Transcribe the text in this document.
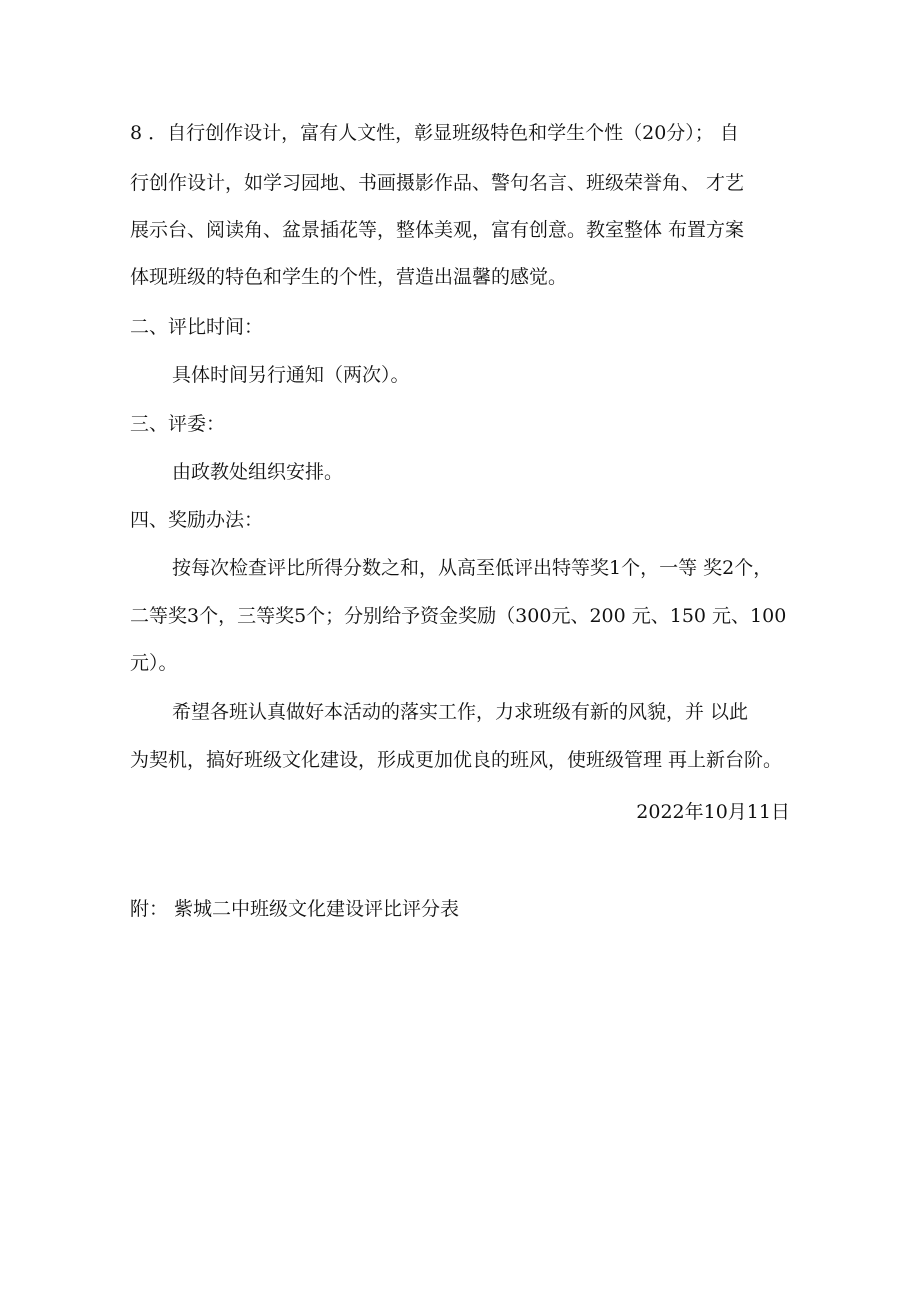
8 ．自行创作设计，富有人文性，彰显班级特色和学生个性（20分）； 自
行创作设计，如学习园地、书画摄影作品、警句名言、班级荣誉角、 才艺
展示台、阅读角、盆景插花等，整体美观，富有创意。教室整体 布置方案
体现班级的特色和学生的个性，营造出温馨的感觉。
二、评比时间：
具体时间另行通知（两次）。
三、评委：
由政教处组织安排。
四、奖励办法：
按每次检查评比所得分数之和，从高至低评出特等奖1个，一等 奖2个，
二等奖3个，三等奖5个；分别给予资金奖励（300元、200 元、150 元、100
元）。
希望各班认真做好本活动的落实工作，力求班级有新的风貌，并 以此
为契机，搞好班级文化建设，形成更加优良的班风，使班级管理 再上新台阶。
2022年10月11日
附： 紫城二中班级文化建设评比评分表
